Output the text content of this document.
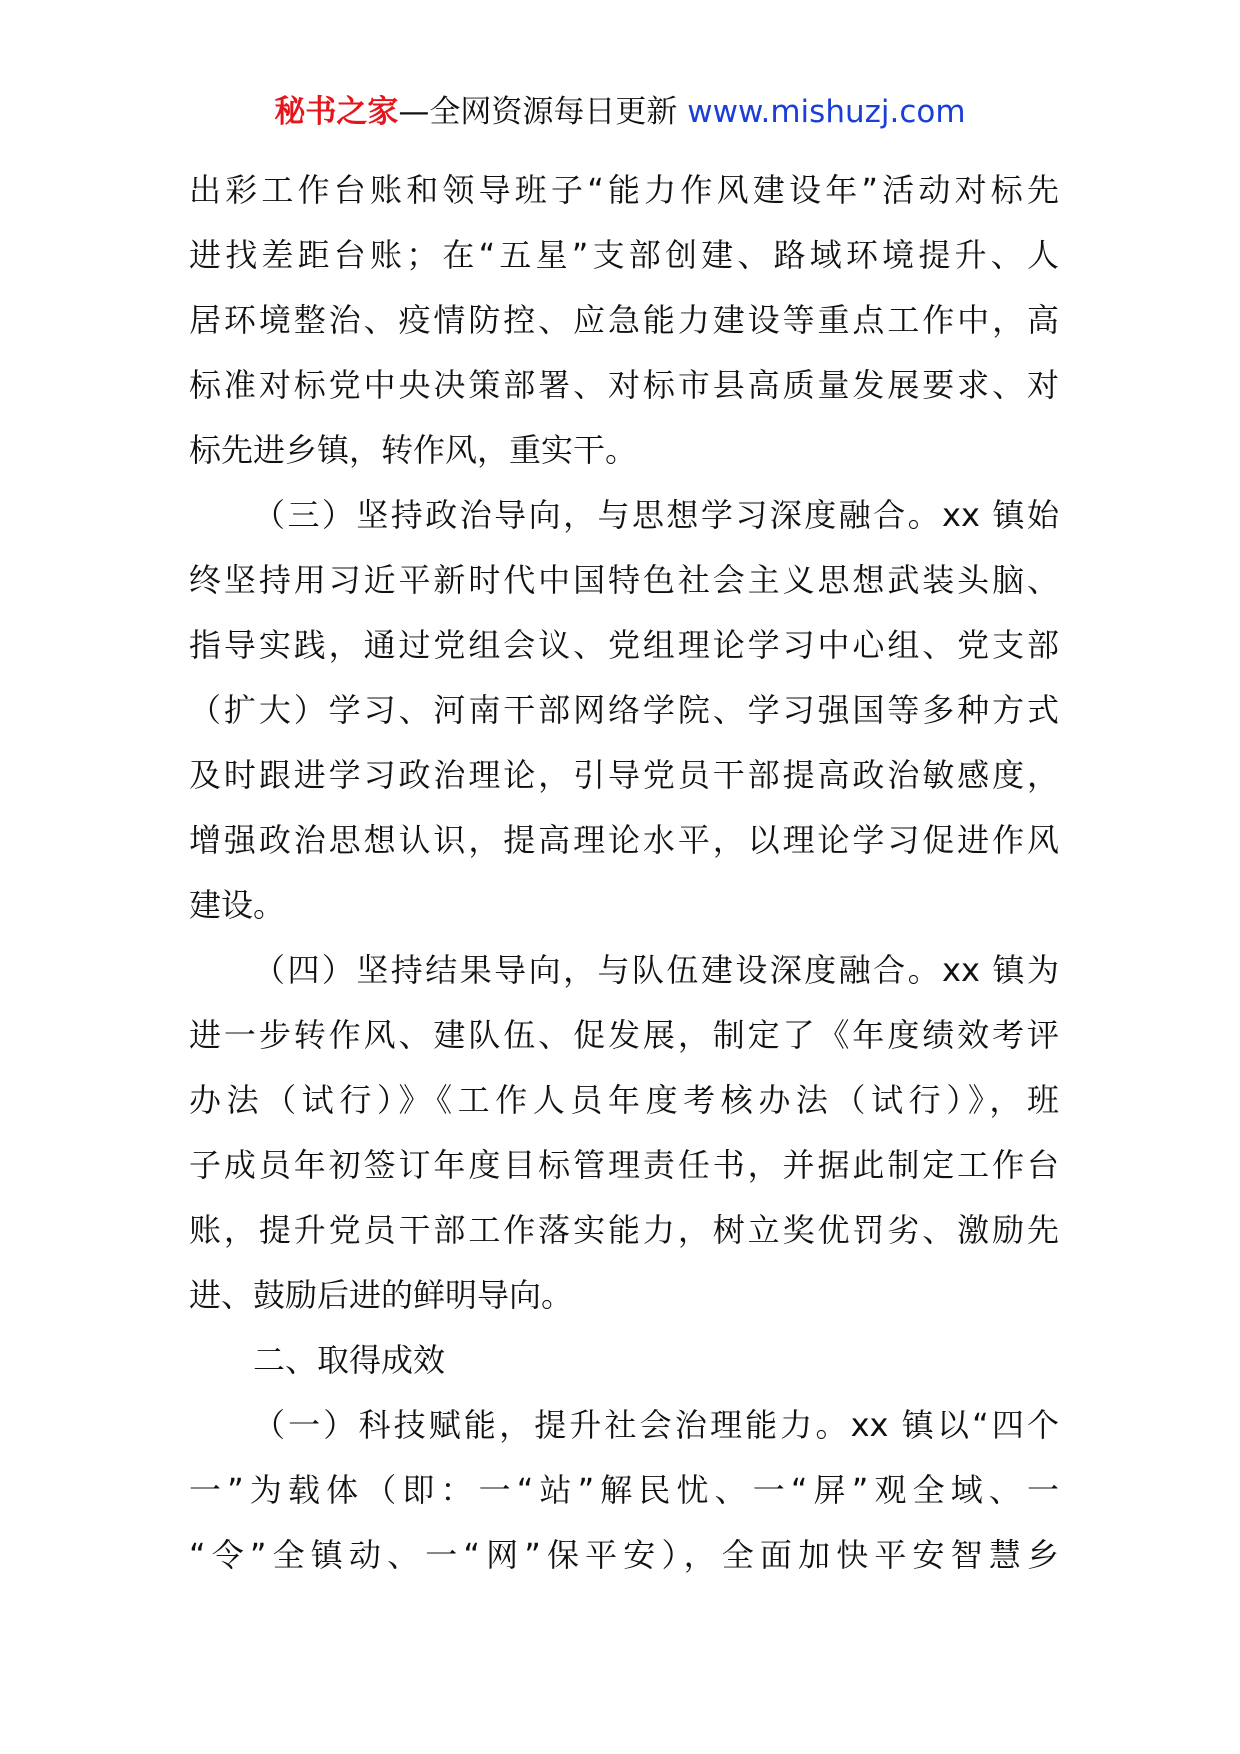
秘书之家—全网资源每日更新 www.mishuzj.com
出彩工作台账和领导班子“能力作风建设年”活动对标先
进找差距台账；在“五星”支部创建、路域环境提升、人
居环境整治、疫情防控、应急能力建设等重点工作中，高
标准对标党中央决策部署、对标市县高质量发展要求、对
标先进乡镇，转作风，重实干。
（三）坚持政治导向，与思想学习深度融合。xx 镇始
终坚持用习近平新时代中国特色社会主义思想武装头脑、
指导实践，通过党组会议、党组理论学习中心组、党支部
（扩大）学习、河南干部网络学院、学习强国等多种方式
及时跟进学习政治理论，引导党员干部提高政治敏感度，
增强政治思想认识，提高理论水平，以理论学习促进作风
建设。
（四）坚持结果导向，与队伍建设深度融合。xx 镇为
进一步转作风、建队伍、促发展，制定了《年度绩效考评
办法（试行）》《工作人员年度考核办法（试行）》，班
子成员年初签订年度目标管理责任书，并据此制定工作台
账，提升党员干部工作落实能力，树立奖优罚劣、激励先
进、鼓励后进的鲜明导向。
二、取得成效
（一）科技赋能，提升社会治理能力。xx 镇以“四个
一”为载体（即：一“站”解民忧、一“屏”观全域、一
“令”全镇动、一“网”保平安），全面加快平安智慧乡
